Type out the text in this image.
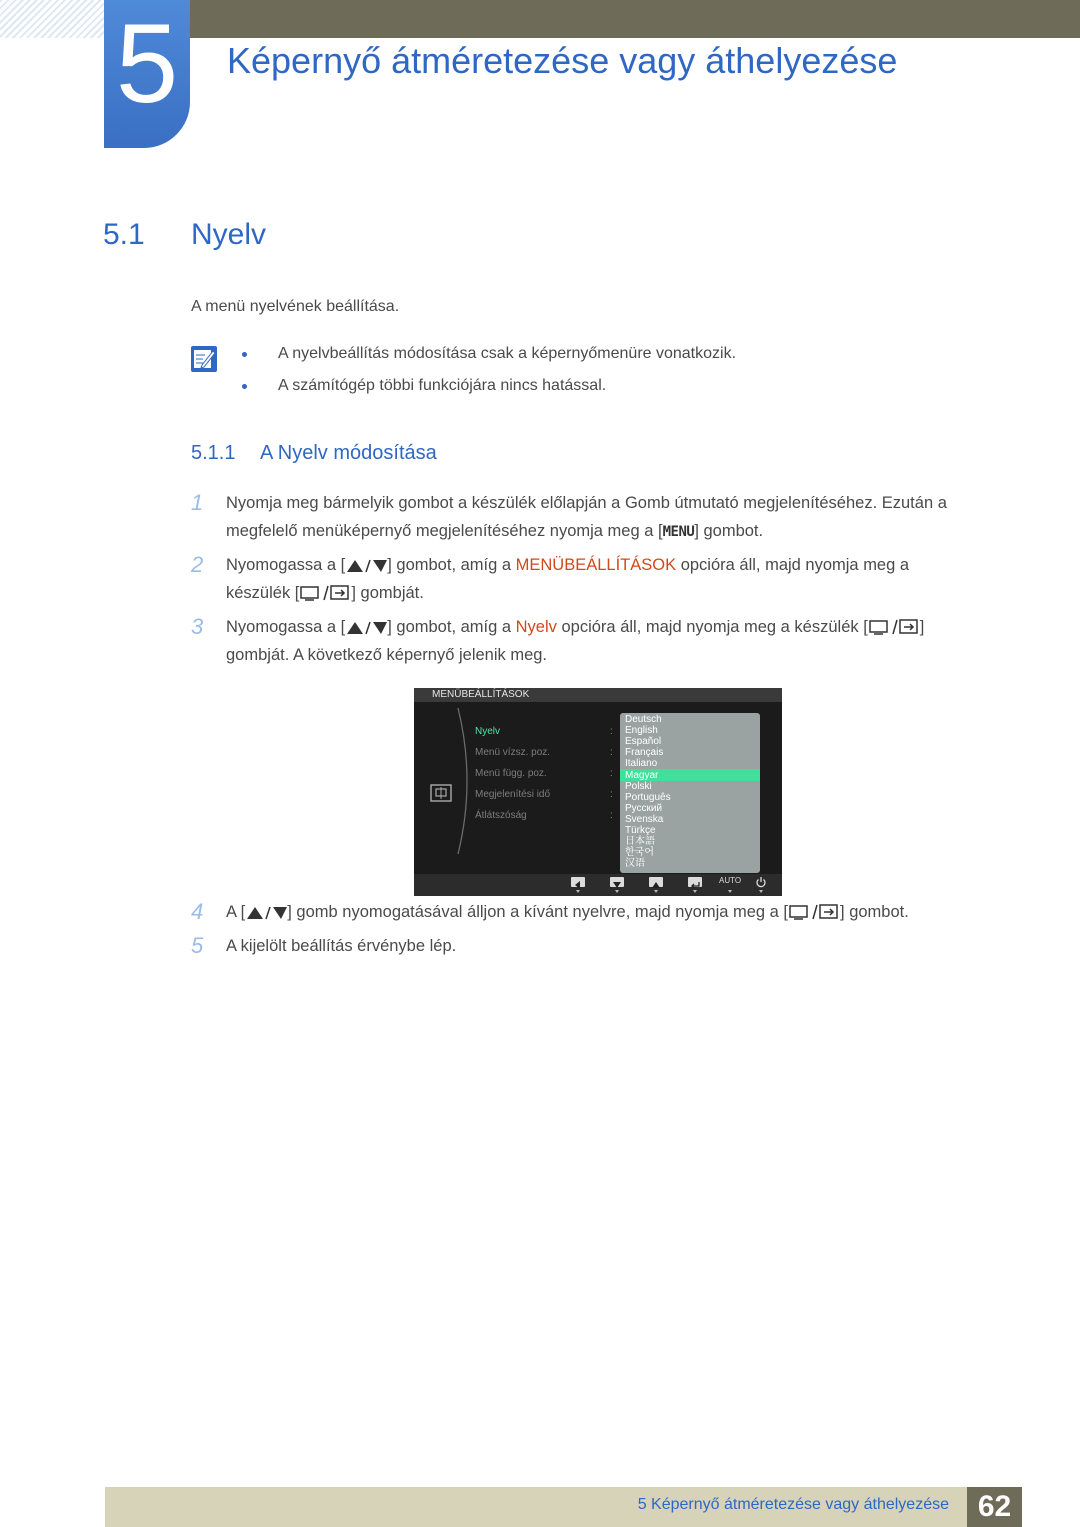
5	Képernyő átméretezése vagy áthelyezése
5.1 Nyelv
A menü nyelvének beállítása.
A nyelvbeállítás módosítása csak a képernyőmenüre vonatkozik.
A számítógép többi funkciójára nincs hatással.
5.1.1 A Nyelv módosítása
1 Nyomja meg bármelyik gombot a készülék előlapján a Gomb útmutató megjelenítéséhez. Ezután a
megfelelő menüképernyő megjelenítéséhez nyomja meg a [MENU] gombot.
2 Nyomogassa a [	] gombot, amíg a MENÜBEÁLLÍTÁSOK opcióra áll, majd nyomja meg a
készülék [	] gombját.
3 Nyomogassa a [	] gombot, amíg a Nyelv opcióra áll, majd nyomja meg a készülék [	]
gombját. A következő képernyő jelenik meg.
MENÜBEÁLLÍTÁSOK
Nyelv
Menü vízsz. poz.
Menü függ. poz.
Megjelenítési idő
Átlátszóság
:
:
:
:
:
Deutsch
English
Español
Français
Italiano
Magyar
Polski
Português
Русский
Svenska
Türkçe
日本語
한국어
汉语
AUTO
4 A [	] gomb nyomogatásával álljon a kívánt nyelvre, majd nyomja meg a [	] gombot.
5 A kijelölt beállítás érvénybe lép.
5 Képernyő átméretezése vagy áthelyezése 62
